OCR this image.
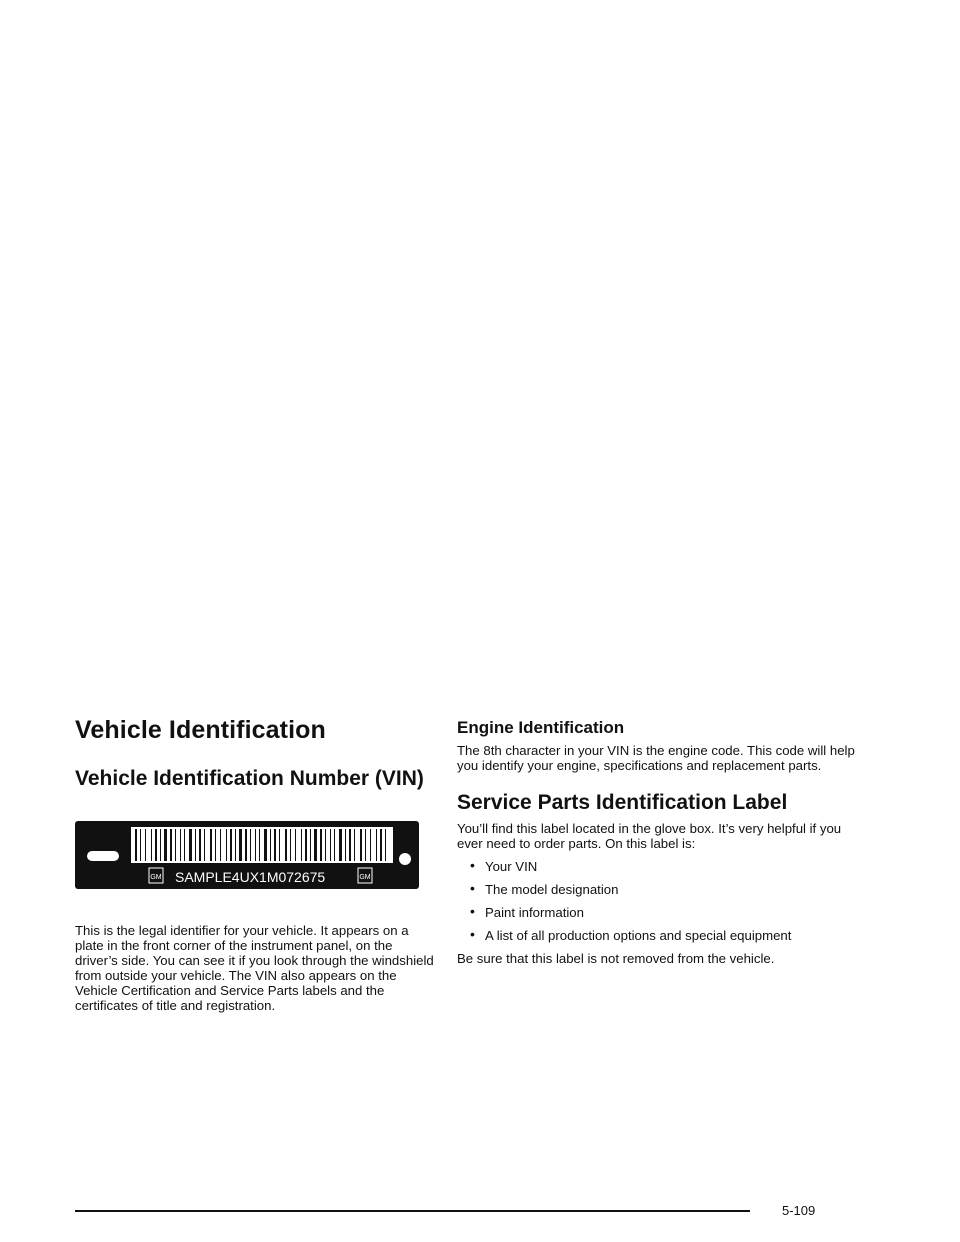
Vehicle Identification
Vehicle Identification Number (VIN)
GM	GM
SAMPLE4UX1M072675

This is the legal identifier for your vehicle. It appears on a plate in the front corner of the instrument panel, on the driver’s side. You can see it if you look through the windshield from outside your vehicle. The VIN also appears on the Vehicle Certification and Service Parts labels and the certificates of title and registration.

Engine Identification

The 8th character in your VIN is the engine code. This code will help you identify your engine, specifications and replacement parts.

Service Parts Identification Label

You’ll find this label located in the glove box. It’s very helpful if you ever need to order parts. On this label is:

• Your VIN
• The model designation
• Paint information
• A list of all production options and special equipment

Be sure that this label is not removed from the vehicle.

5-109
